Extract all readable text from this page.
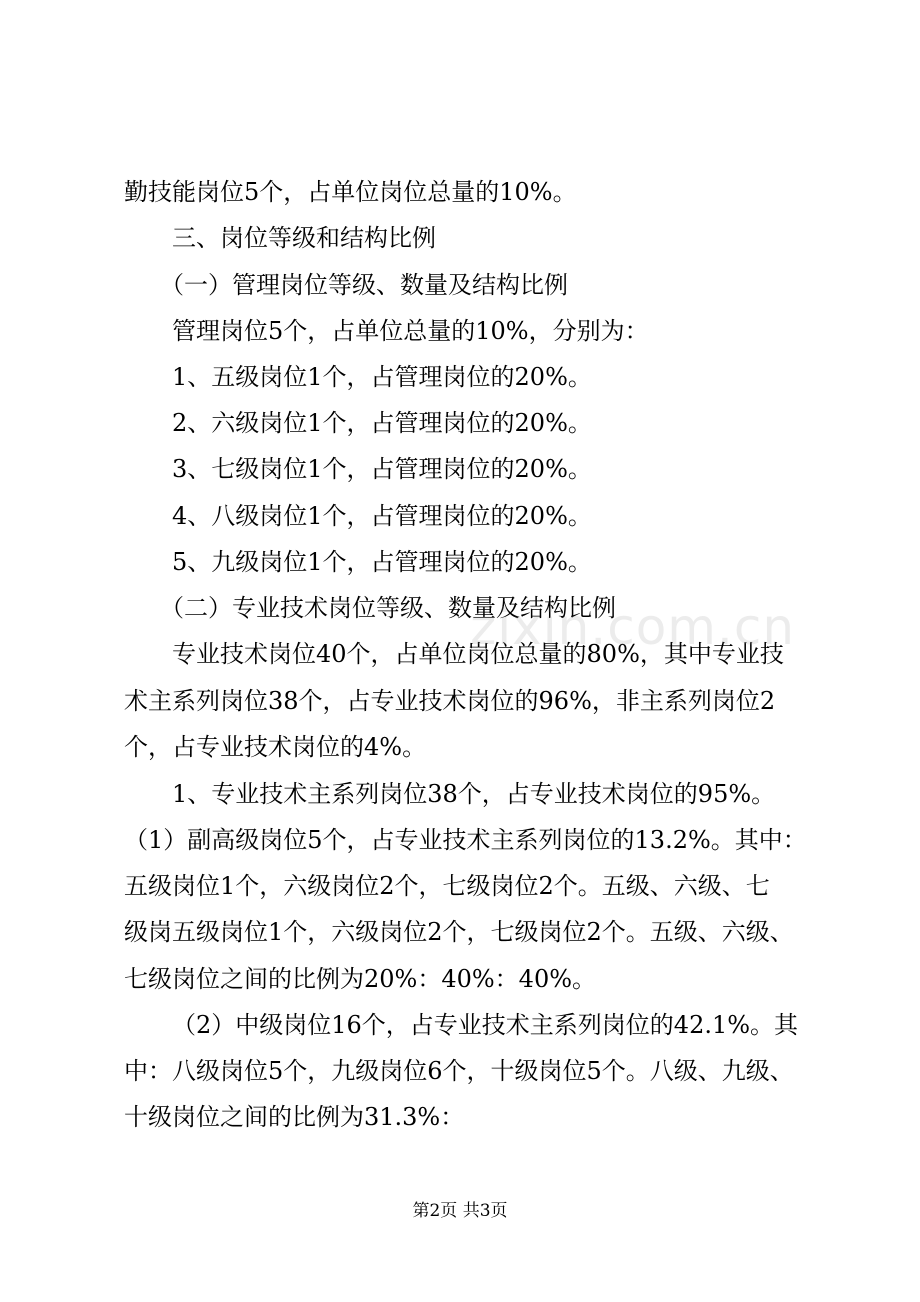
勤技能岗位5个，占单位岗位总量的10%。
三、岗位等级和结构比例
（一）管理岗位等级、数量及结构比例
管理岗位5个，占单位总量的10%，分别为：
1、五级岗位1个，占管理岗位的20%。
2、六级岗位1个，占管理岗位的20%。
3、七级岗位1个，占管理岗位的20%。
4、八级岗位1个，占管理岗位的20%。
5、九级岗位1个，占管理岗位的20%。
（二）专业技术岗位等级、数量及结构比例
专业技术岗位40个，占单位岗位总量的80%，其中专业技
术主系列岗位38个，占专业技术岗位的96%，非主系列岗位2
个，占专业技术岗位的4%。
1、专业技术主系列岗位38个，占专业技术岗位的95%。
（1）副高级岗位5个，占专业技术主系列岗位的13.2%。其中：
五级岗位1个，六级岗位2个，七级岗位2个。五级、六级、七
级岗五级岗位1个，六级岗位2个，七级岗位2个。五级、六级、
七级岗位之间的比例为20%：40%：40%。
（2）中级岗位16个，占专业技术主系列岗位的42.1%。其
中：八级岗位5个，九级岗位6个，十级岗位5个。八级、九级、
十级岗位之间的比例为31.3%：
zixin.com.cn
第2页 共3页
